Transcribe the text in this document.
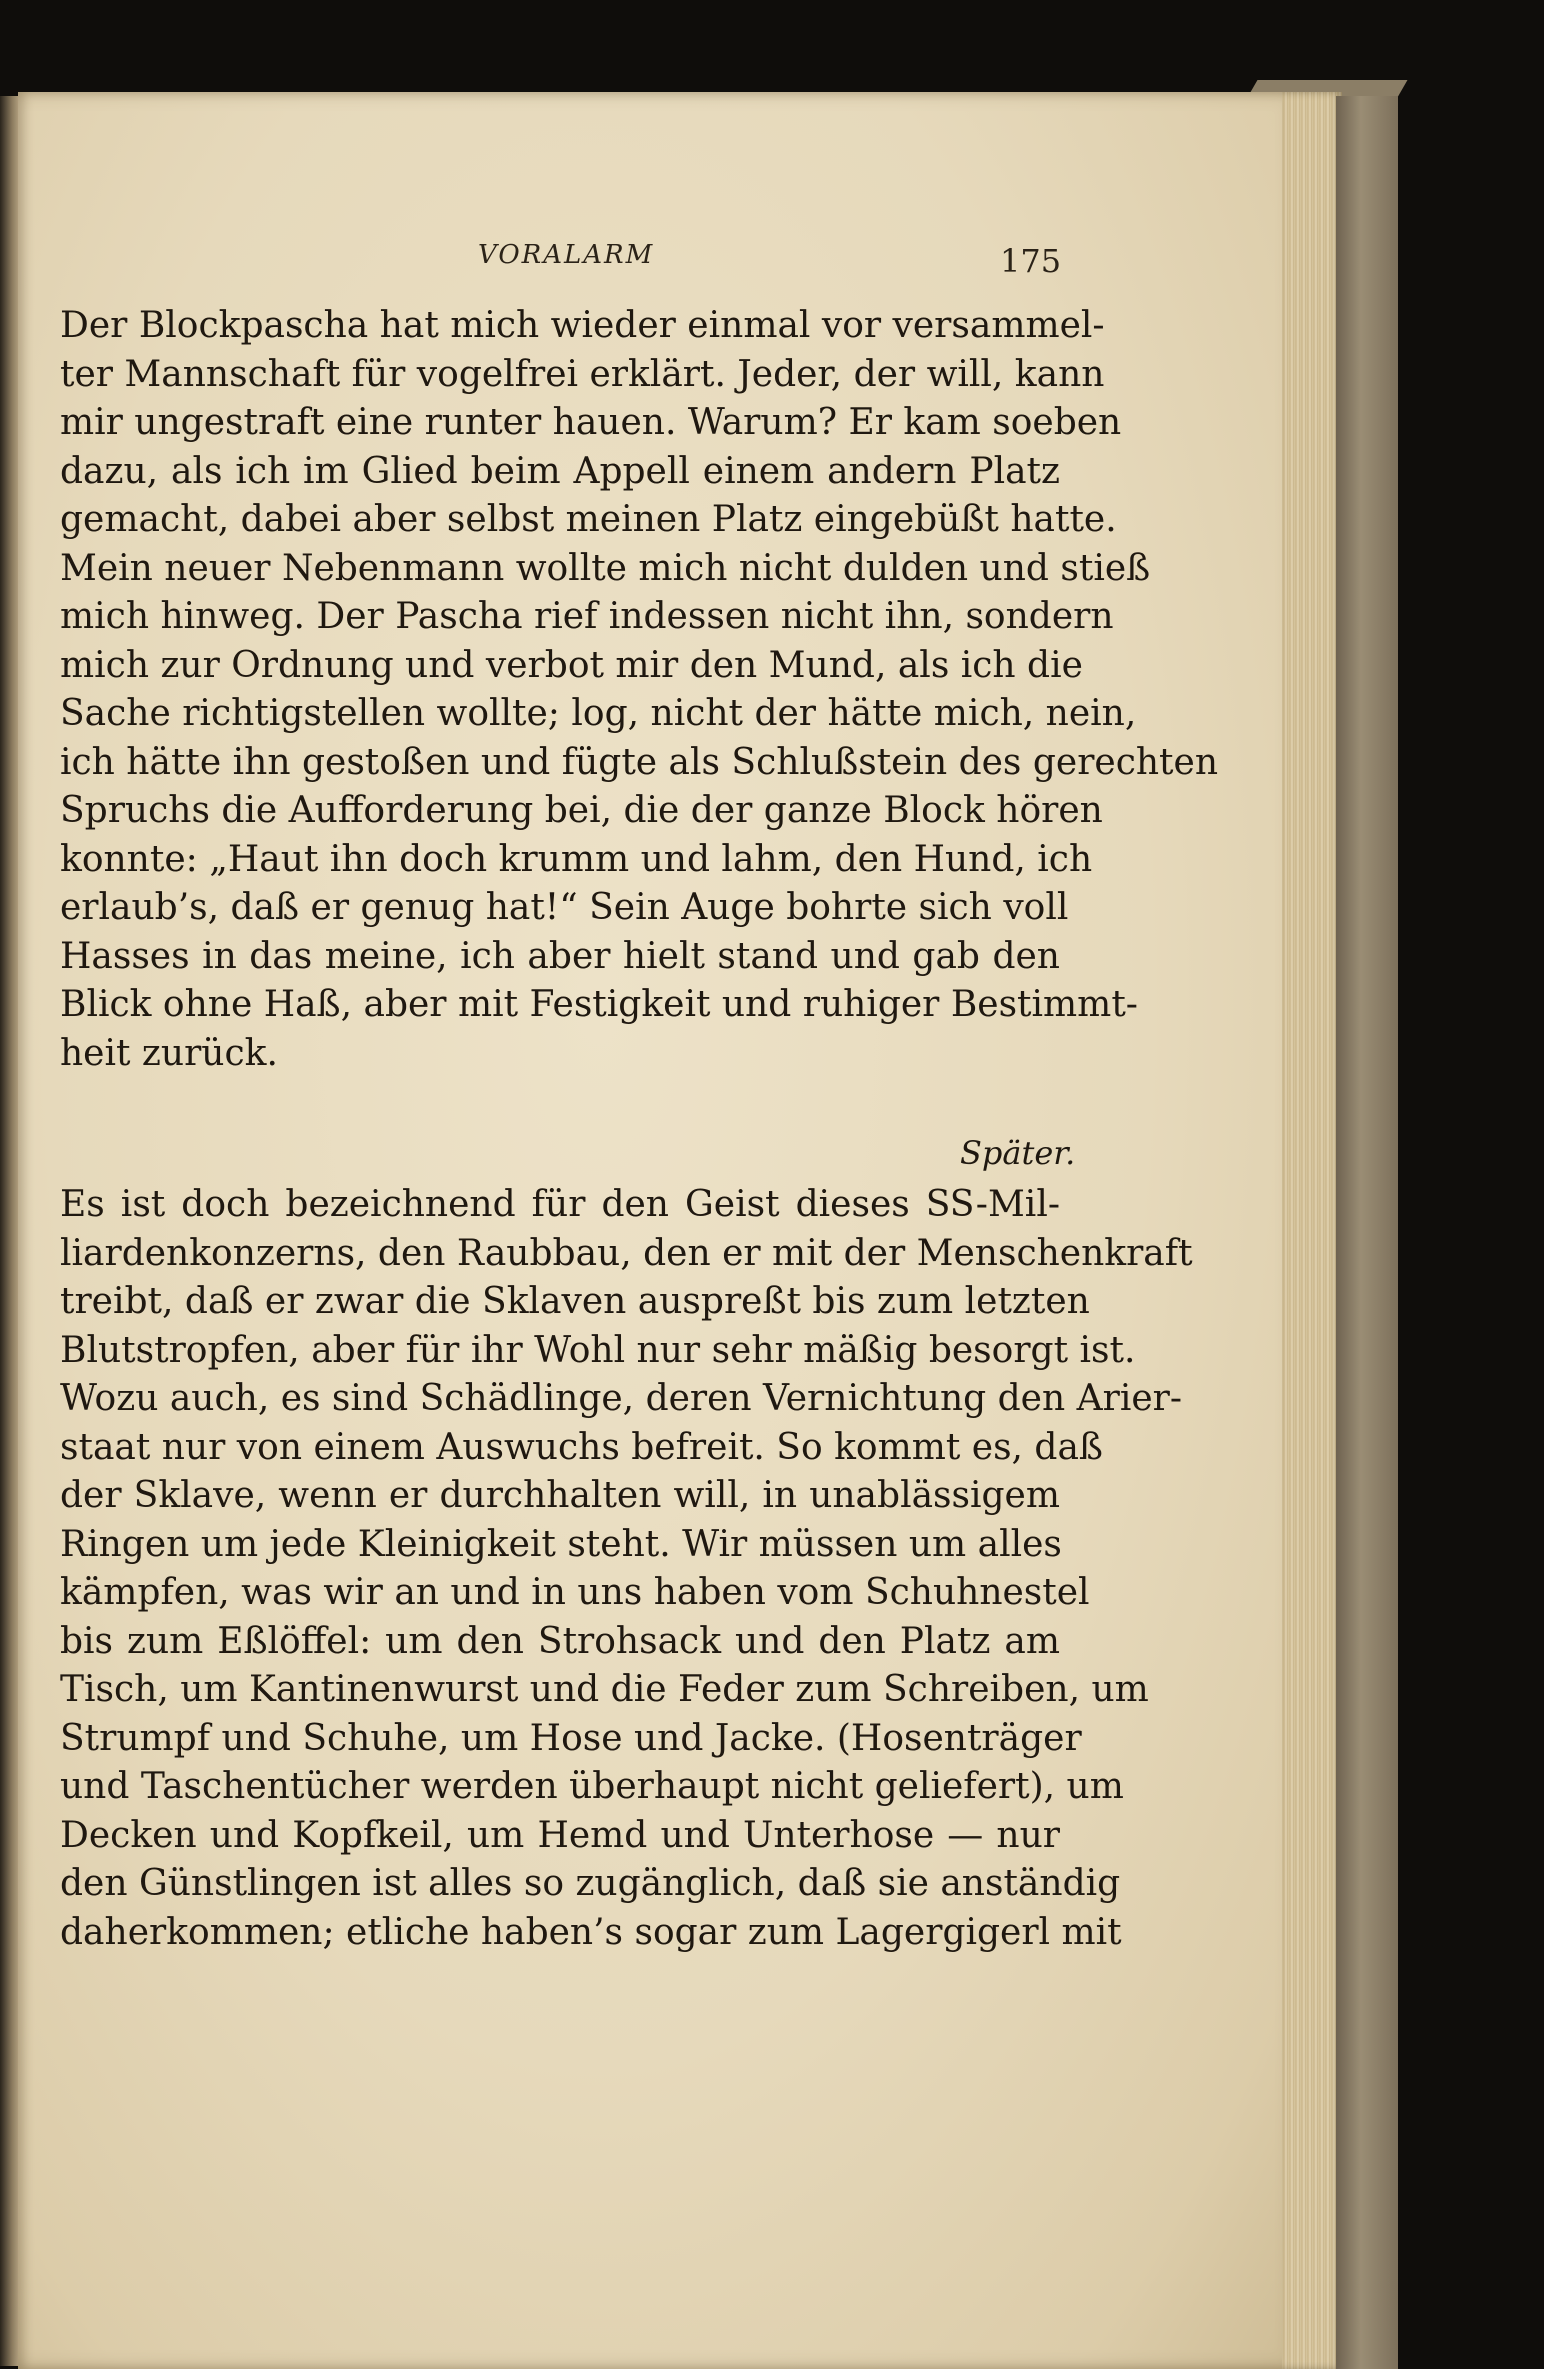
VORALARM	175
Der Blockpascha hat mich wieder einmal vor versammel-
ter Mannschaft für vogelfrei erklärt. Jeder, der will, kann
mir ungestraft eine runter hauen. Warum? Er kam soeben
dazu, als ich im Glied beim Appell einem andern Platz
gemacht, dabei aber selbst meinen Platz eingebüßt hatte.
Mein neuer Nebenmann wollte mich nicht dulden und stieß
mich hinweg. Der Pascha rief indessen nicht ihn, sondern
mich zur Ordnung und verbot mir den Mund, als ich die
Sache richtigstellen wollte; log, nicht der hätte mich, nein,
ich hätte ihn gestoßen und fügte als Schlußstein des gerechten
Spruchs die Aufforderung bei, die der ganze Block hören
konnte: „Haut ihn doch krumm und lahm, den Hund, ich
erlaub’s, daß er genug hat!“ Sein Auge bohrte sich voll
Hasses in das meine, ich aber hielt stand und gab den
Blick ohne Haß, aber mit Festigkeit und ruhiger Bestimmt-
heit zurück.
Später.
Es ist doch bezeichnend für den Geist dieses SS-Mil-
liardenkonzerns, den Raubbau, den er mit der Menschenkraft
treibt, daß er zwar die Sklaven auspreßt bis zum letzten
Blutstropfen, aber für ihr Wohl nur sehr mäßig besorgt ist.
Wozu auch, es sind Schädlinge, deren Vernichtung den Arier-
staat nur von einem Auswuchs befreit. So kommt es, daß
der Sklave, wenn er durchhalten will, in unablässigem
Ringen um jede Kleinigkeit steht. Wir müssen um alles
kämpfen, was wir an und in uns haben vom Schuhnestel
bis zum Eßlöffel: um den Strohsack und den Platz am
Tisch, um Kantinenwurst und die Feder zum Schreiben, um
Strumpf und Schuhe, um Hose und Jacke. (Hosenträger
und Taschentücher werden überhaupt nicht geliefert), um
Decken und Kopfkeil, um Hemd und Unterhose — nur
den Günstlingen ist alles so zugänglich, daß sie anständig
daherkommen; etliche haben’s sogar zum Lagergigerl mit
